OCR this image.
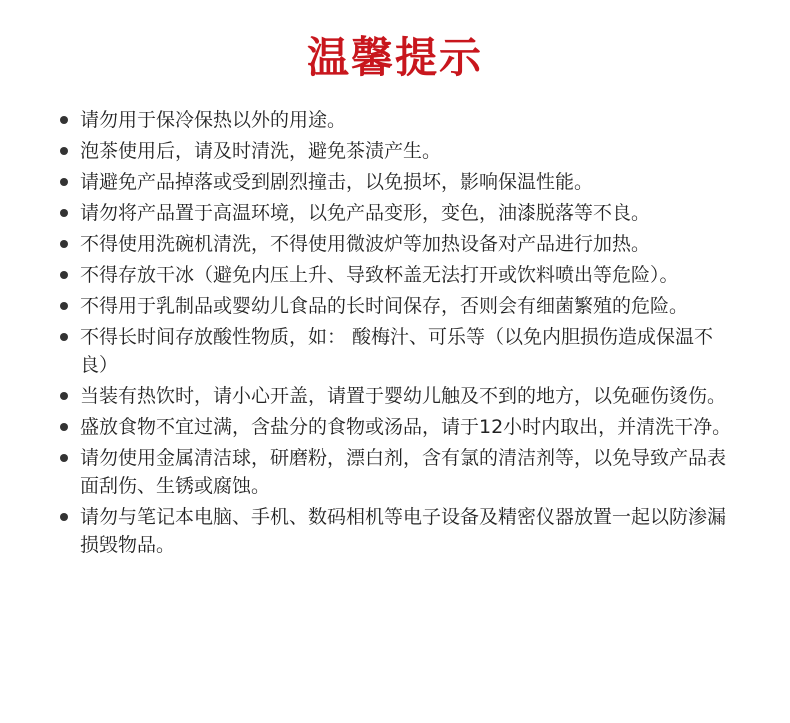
温馨提示
请勿用于保冷保热以外的用途。
泡茶使用后，请及时清洗，避免茶渍产生。
请避免产品掉落或受到剧烈撞击，以免损坏，影响保温性能。
请勿将产品置于高温环境，以免产品变形，变色，油漆脱落等不良。
不得使用洗碗机清洗，不得使用微波炉等加热设备对产品进行加热。
不得存放干冰（避免内压上升、导致杯盖无法打开或饮料喷出等危险）。
不得用于乳制品或婴幼儿食品的长时间保存，否则会有细菌繁殖的危险。
不得长时间存放酸性物质，如： 酸梅汁、可乐等（以免内胆损伤造成保温不良）
当装有热饮时，请小心开盖，请置于婴幼儿触及不到的地方，以免砸伤烫伤。
盛放食物不宜过满，含盐分的食物或汤品，请于12小时内取出，并清洗干净。
请勿使用金属清洁球，研磨粉，漂白剂，含有氯的清洁剂等，以免导致产品表面刮伤、生锈或腐蚀。
请勿与笔记本电脑、手机、数码相机等电子设备及精密仪器放置一起以防渗漏损毁物品。
